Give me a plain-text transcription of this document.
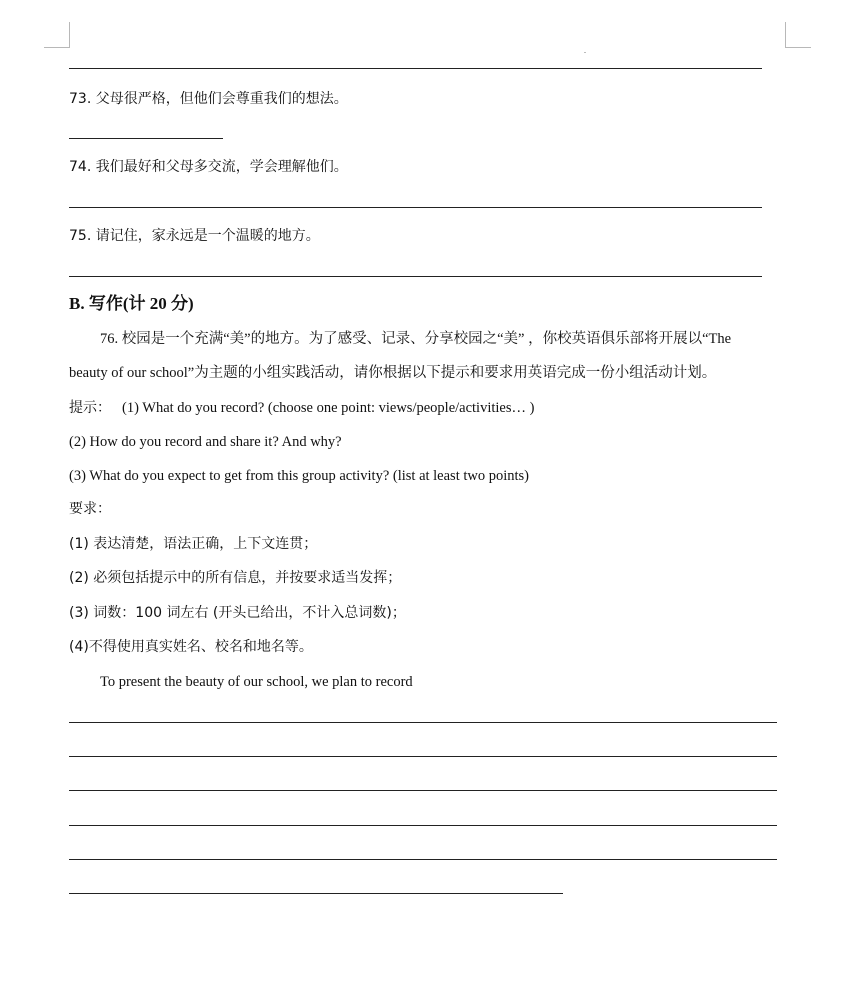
73. 父母很严格，但他们会尊重我们的想法。
74. 我们最好和父母多交流，学会理解他们。
75. 请记住，家永远是一个温暖的地方。
B. 写作(计 20 分)
76. 校园是一个充满“美”的地方。为了感受、记录、分享校园之“美” ，你校英语俱乐部将开展以“The
beauty of our school”为主题的小组实践活动，请你根据以下提示和要求用英语完成一份小组活动计划。
提示： (1) What do you record? (choose one point: views/people/activities… )
(2) How do you record and share it? And why?
(3) What do you expect to get from this group activity? (list at least two points)
要求：
(1) 表达清楚，语法正确，上下文连贯；
(2) 必须包括提示中的所有信息，并按要求适当发挥；
(3) 词数：100 词左右 (开头已给出，不计入总词数)；
(4)不得使用真实姓名、校名和地名等。
To present the beauty of our school, we plan to record
